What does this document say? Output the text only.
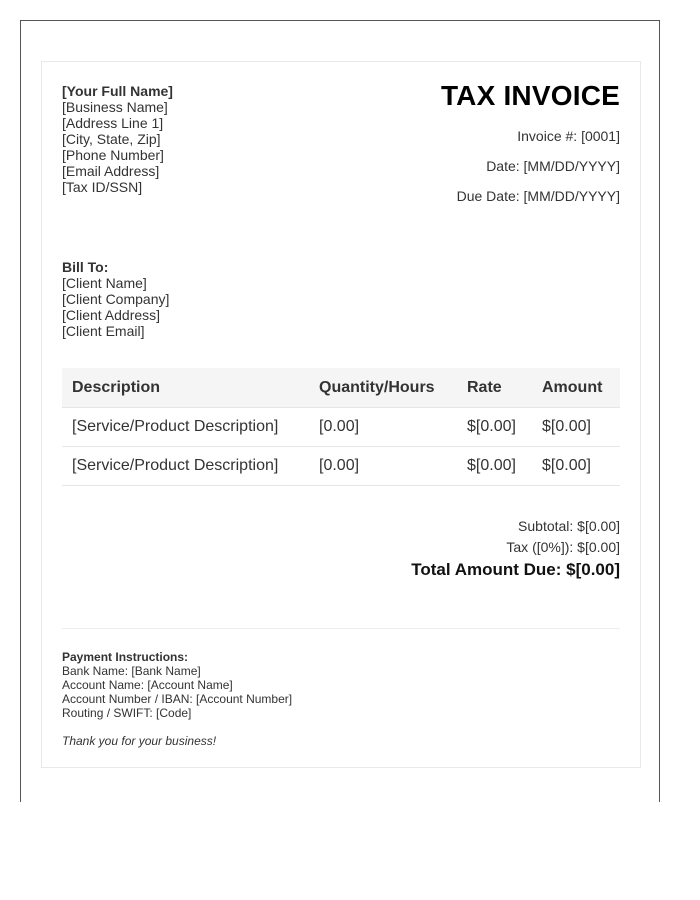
[Your Full Name]
[Business Name]
[Address Line 1]
[City, State, Zip]
[Phone Number]
[Email Address]
[Tax ID/SSN]
TAX INVOICE
Invoice #: [0001]
Date: [MM/DD/YYYY]
Due Date: [MM/DD/YYYY]
Bill To:
[Client Name]
[Client Company]
[Client Address]
[Client Email]
Description	Quantity/Hours	Rate	Amount
[Service/Product Description]	[0.00]	$[0.00]	$[0.00]
[Service/Product Description]	[0.00]	$[0.00]	$[0.00]
Subtotal: $[0.00]
Tax ([0%]): $[0.00]
Total Amount Due: $[0.00]
Payment Instructions:
Bank Name: [Bank Name]
Account Name: [Account Name]
Account Number / IBAN: [Account Number]
Routing / SWIFT: [Code]
Thank you for your business!
